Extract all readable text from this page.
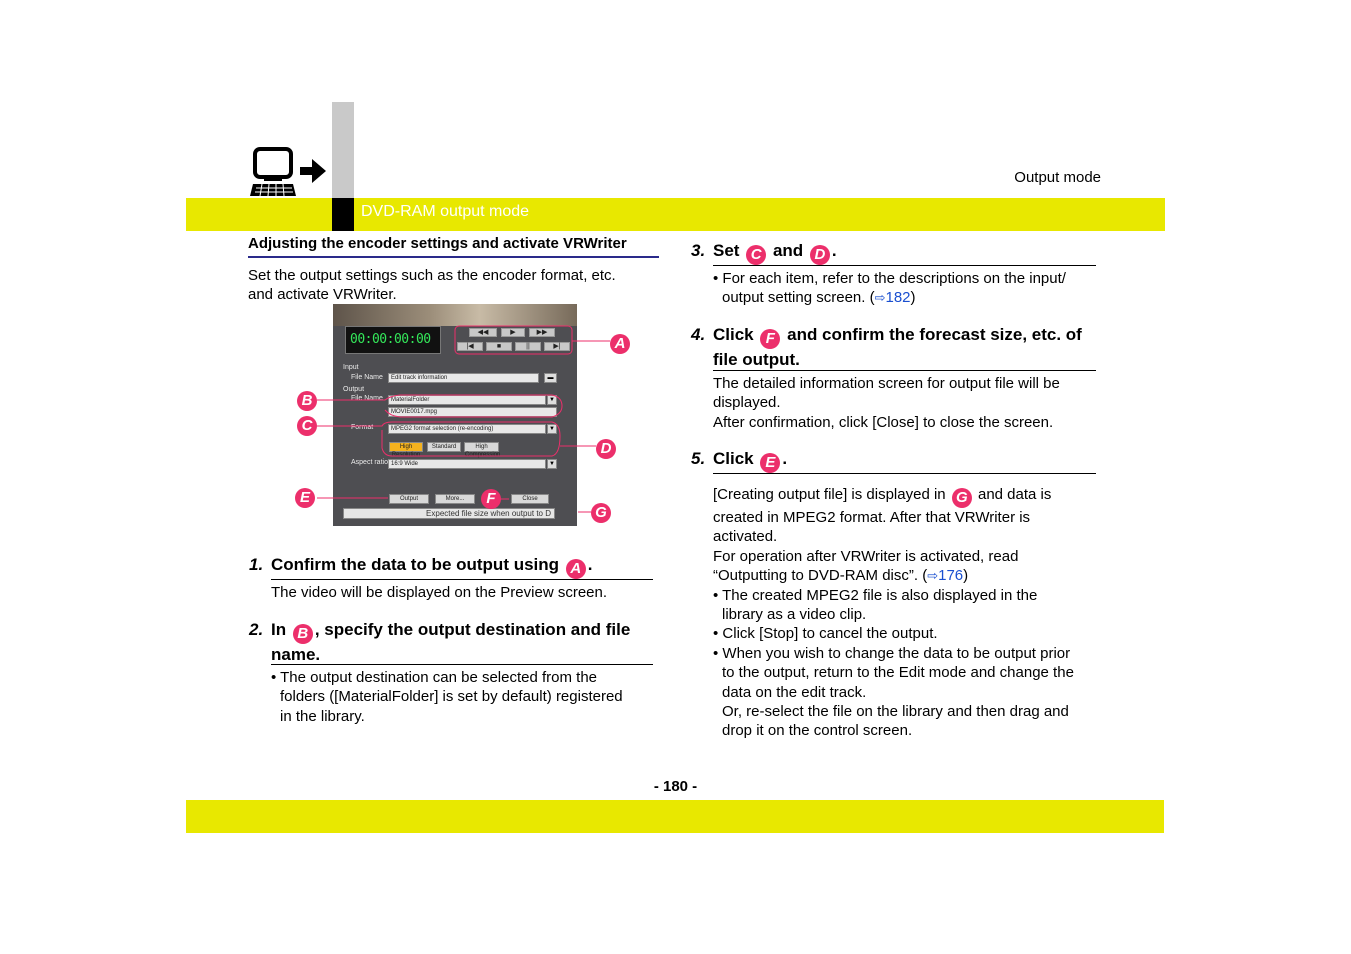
DVD-RAM output mode
Output mode
Adjusting the encoder settings and activate VRWriter
Set the output settings such as the encoder format, etc.
and activate VRWriter.
00:00:00:00	◀◀	▶	▶▶
|◀	■	||	▶|
Input
File Name	Edit track information	▬
Output
File Name	MaterialFolder	▼
MOVIE0017.mpg
Format	MPEG2 format selection (re-encoding)	▼
High Resolution
Standard	High Compression
Aspect ratio 16:9 Wide	▼
Output	More...	Close
Expected file size when output to D
A
B
C
D
E	F
G
1. Confirm the data to be output using A .
The video will be displayed on the Preview screen.
2. In B , specify the output destination and file
name.
• The output destination can be selected from the
folders ([MaterialFolder] is set by default) registered
in the library.
3. Set C and D .
• For each item, refer to the descriptions on the input/
output setting screen. (⇨182)
4. Click F and confirm the forecast size, etc. of
file output.
The detailed information screen for output file will be
displayed.
After confirmation, click [Close] to close the screen.
5. Click E .
[Creating output file] is displayed in G and data is
created in MPEG2 format. After that VRWriter is
activated.
For operation after VRWriter is activated, read
“Outputting to DVD-RAM disc”. (⇨176)
• The created MPEG2 file is also displayed in the
library as a video clip.
• Click [Stop] to cancel the output.
• When you wish to change the data to be output prior
to the output, return to the Edit mode and change the
data on the edit track.
Or, re-select the file on the library and then drag and
drop it on the control screen.
- 180 -
